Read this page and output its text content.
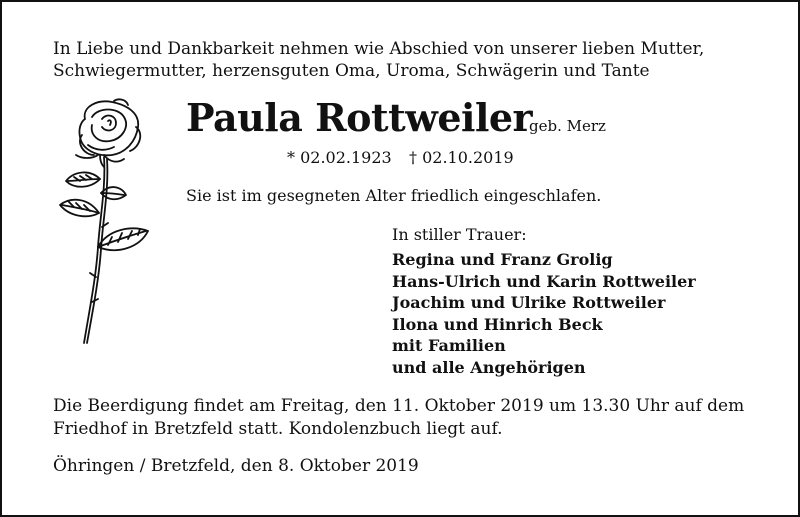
In Liebe und Dankbarkeit nehmen wie Abschied von unserer lieben Mutter,
Schwiegermutter, herzensguten Oma, Uroma, Schwägerin und Tante

Paula Rottweiler
geb. Merz
* 02.02.1923 † 02.10.2019

Sie ist im gesegneten Alter friedlich eingeschlafen.

In stiller Trauer:

Regina und Franz Grolig
Hans-Ulrich und Karin Rottweiler
Joachim und Ulrike Rottweiler
Ilona und Hinrich Beck
mit Familien
und alle Angehörigen

Die Beerdigung findet am Freitag, den 11. Oktober 2019 um 13.30 Uhr auf dem
Friedhof in Bretzfeld statt. Kondolenzbuch liegt auf.

Öhringen / Bretzfeld, den 8. Oktober 2019
